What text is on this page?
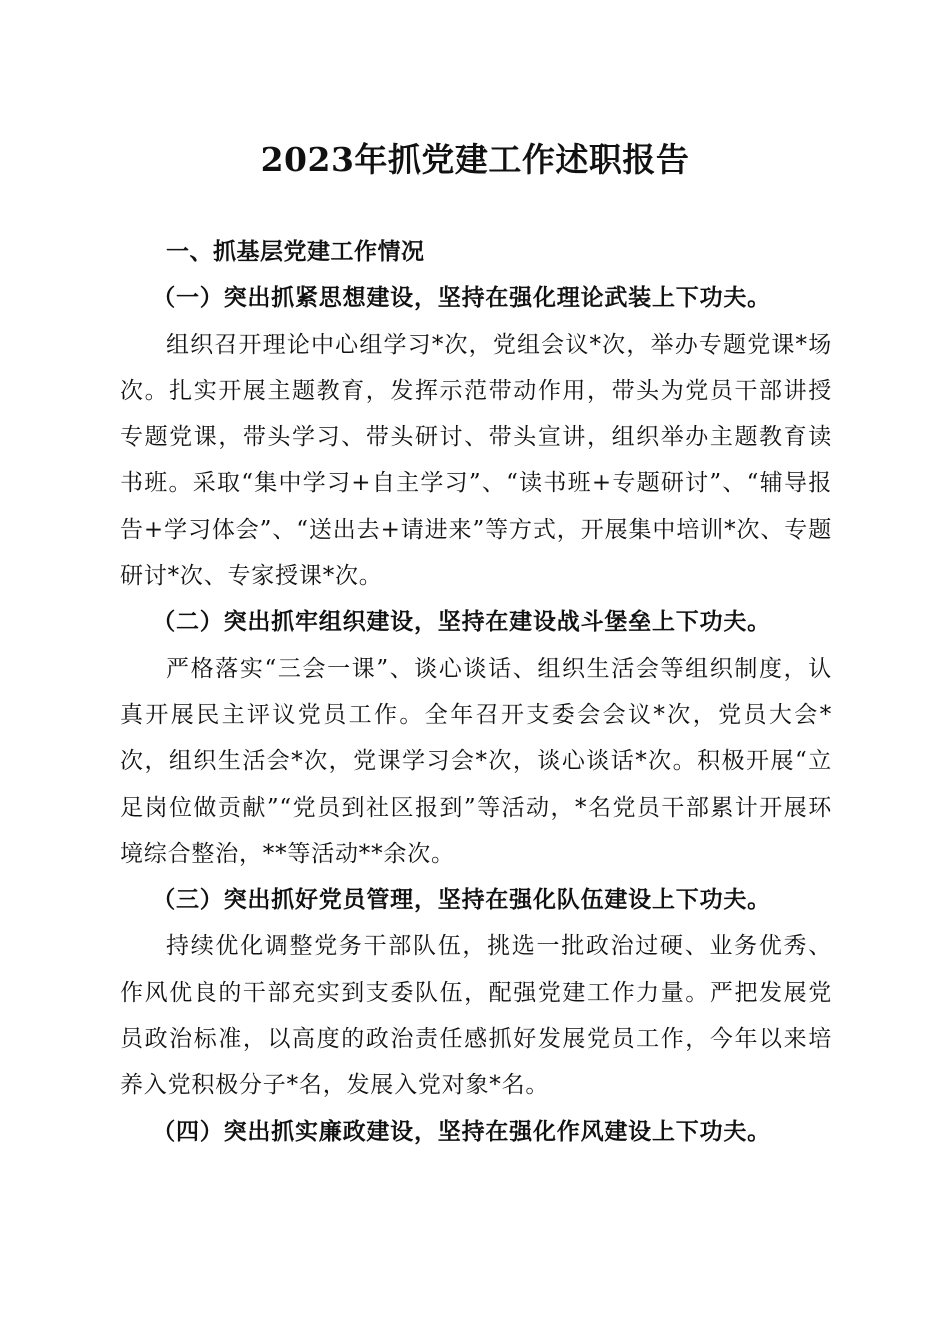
2023年抓党建工作述职报告
一、抓基层党建工作情况
（一）突出抓紧思想建设，坚持在强化理论武装上下功夫。

组织召开理论中心组学习*次，党组会议*次，举办专题党课*场次。扎实开展主题教育，发挥示范带动作用，带头为党员干部讲授专题党课，带头学习、带头研讨、带头宣讲，组织举办主题教育读书班。采取“集中学习+自主学习”、“读书班+专题研讨”、“辅导报告+学习体会”、“送出去+请进来”等方式，开展集中培训*次、专题研讨*次、专家授课*次。

（二）突出抓牢组织建设，坚持在建设战斗堡垒上下功夫。

严格落实“三会一课”、谈心谈话、组织生活会等组织制度，认真开展民主评议党员工作。全年召开支委会会议*次，党员大会*次，组织生活会*次，党课学习会*次，谈心谈话*次。积极开展“立足岗位做贡献”“党员到社区报到”等活动，*名党员干部累计开展环境综合整治，**等活动**余次。

（三）突出抓好党员管理，坚持在强化队伍建设上下功夫。

持续优化调整党务干部队伍，挑选一批政治过硬、业务优秀、作风优良的干部充实到支委队伍，配强党建工作力量。严把发展党员政治标准，以高度的政治责任感抓好发展党员工作，今年以来培养入党积极分子*名，发展入党对象*名。

（四）突出抓实廉政建设，坚持在强化作风建设上下功夫。
